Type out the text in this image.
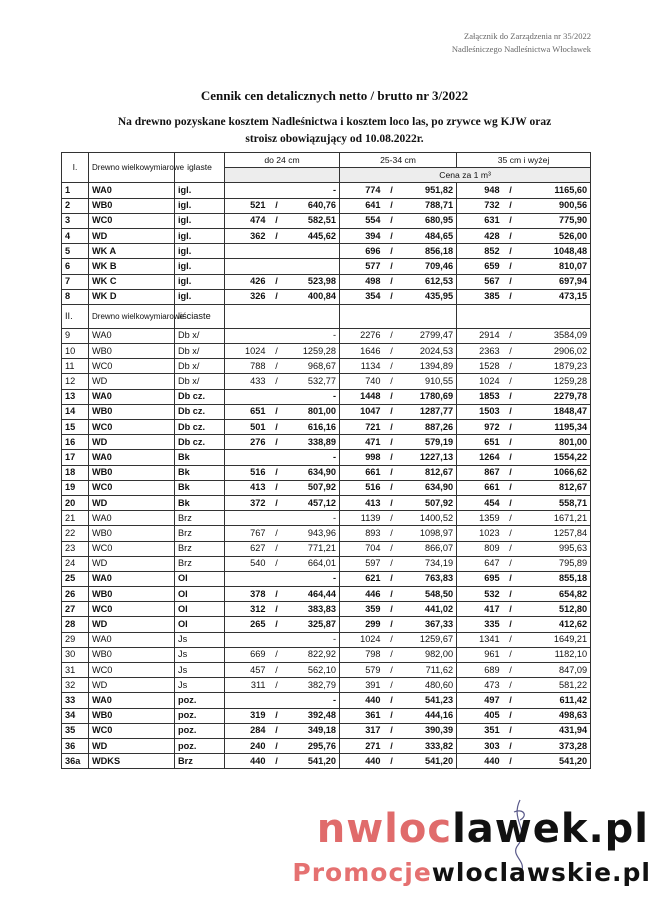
Załącznik do Zarządzenia nr 35/2022
Nadleśniczego Nadleśnictwa Włocławek
Cennik cen detalicznych netto / brutto nr 3/2022
Na drewno pozyskane kosztem Nadleśnictwa i kosztem loco las, po zrywce wg KJW oraz
stroisz obowiązujący od 10.08.2022r.
I.	Drewno wielkowymiarowe	iglaste	do 24 cm			25-34 cm			35 cm i wyżej		
						Cena za 1 m³					
1	WA0	igl.			-	774	/	951,82	948	/	1165,60
2	WB0	igl.	521	/	640,76	641	/	788,71	732	/	900,56
3	WC0	igl.	474	/	582,51	554	/	680,95	631	/	775,90
4	WD	igl.	362	/	445,62	394	/	484,65	428	/	526,00
5	WK A	igl.				696	/	856,18	852	/	1048,48
6	WK B	igl.				577	/	709,46	659	/	810,07
7	WK C	igl.	426	/	523,98	498	/	612,53	567	/	697,94
8	WK D	igl.	326	/	400,84	354	/	435,95	385	/	473,15
II.	Drewno wielkowymiarowe	liściaste									
9	WA0	Db x/			-	2276	/	2799,47	2914	/	3584,09
10	WB0	Db x/	1024	/	1259,28	1646	/	2024,53	2363	/	2906,02
11	WC0	Db x/	788	/	968,67	1134	/	1394,89	1528	/	1879,23
12	WD	Db x/	433	/	532,77	740	/	910,55	1024	/	1259,28
13	WA0	Db cz.			-	1448	/	1780,69	1853	/	2279,78
14	WB0	Db cz.	651	/	801,00	1047	/	1287,77	1503	/	1848,47
15	WC0	Db cz.	501	/	616,16	721	/	887,26	972	/	1195,34
16	WD	Db cz.	276	/	338,89	471	/	579,19	651	/	801,00
17	WA0	Bk			-	998	/	1227,13	1264	/	1554,22
18	WB0	Bk	516	/	634,90	661	/	812,67	867	/	1066,62
19	WC0	Bk	413	/	507,92	516	/	634,90	661	/	812,67
20	WD	Bk	372	/	457,12	413	/	507,92	454	/	558,71
21	WA0	Brz			-	1139	/	1400,52	1359	/	1671,21
22	WB0	Brz	767	/	943,96	893	/	1098,97	1023	/	1257,84
23	WC0	Brz	627	/	771,21	704	/	866,07	809	/	995,63
24	WD	Brz	540	/	664,01	597	/	734,19	647	/	795,89
25	WA0	Ol			-	621	/	763,83	695	/	855,18
26	WB0	Ol	378	/	464,44	446	/	548,50	532	/	654,82
27	WC0	Ol	312	/	383,83	359	/	441,02	417	/	512,80
28	WD	Ol	265	/	325,87	299	/	367,33	335	/	412,62
29	WA0	Js			-	1024	/	1259,67	1341	/	1649,21
30	WB0	Js	669	/	822,92	798	/	982,00	961	/	1182,10
31	WC0	Js	457	/	562,10	579	/	711,62	689	/	847,09
32	WD	Js	311	/	382,79	391	/	480,60	473	/	581,22
33	WA0	poz.			-	440	/	541,23	497	/	611,42
34	WB0	poz.	319	/	392,48	361	/	444,16	405	/	498,63
35	WC0	poz.	284	/	349,18	317	/	390,39	351	/	431,94
36	WD	poz.	240	/	295,76	271	/	333,82	303	/	373,28
36a	WDKS	Brz	440	/	541,20	440	/	541,20	440	/	541,20
nwloclawek.pl
Promocjewloclawskie.pl
